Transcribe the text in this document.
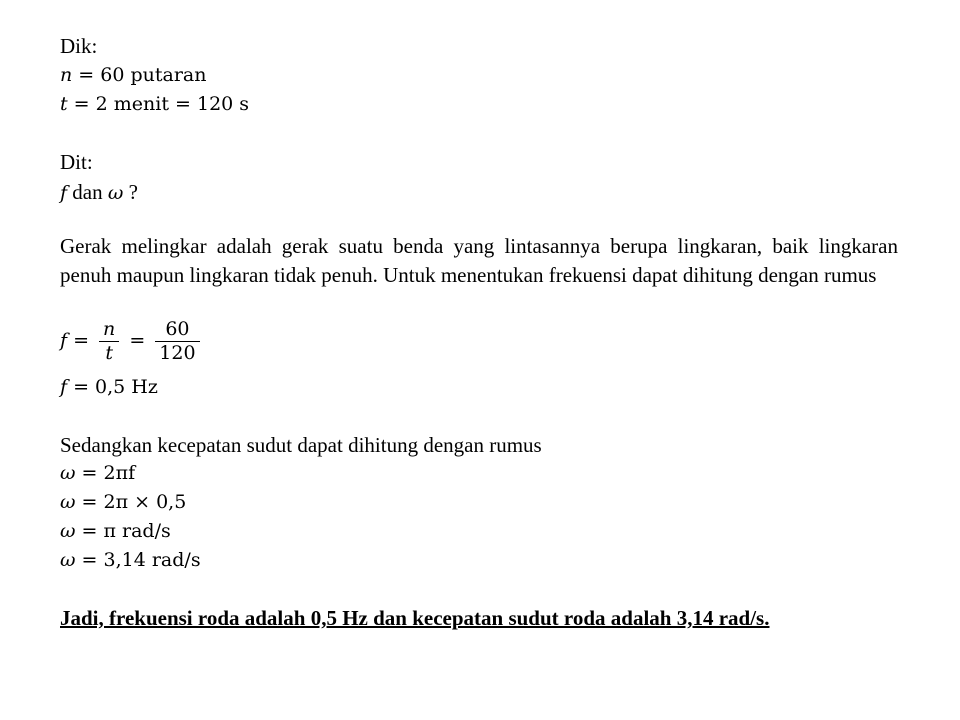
Dik:
n = 60 putaran
t = 2 menit = 120 s
Dit:
f dan ω ?
Gerak melingkar adalah gerak suatu benda yang lintasannya berupa lingkaran, baik lingkaran penuh maupun lingkaran tidak penuh. Untuk menentukan frekuensi dapat dihitung dengan rumus
$f = \frac{n}{t} = \frac{60}{120}$
f = 0,5 Hz
Sedangkan kecepatan sudut dapat dihitung dengan rumus
ω = 2πf
ω = 2π × 0,5
ω = π rad/s
ω = 3,14 rad/s
Jadi, frekuensi roda adalah 0,5 Hz dan kecepatan sudut roda adalah 3,14 rad/s.
